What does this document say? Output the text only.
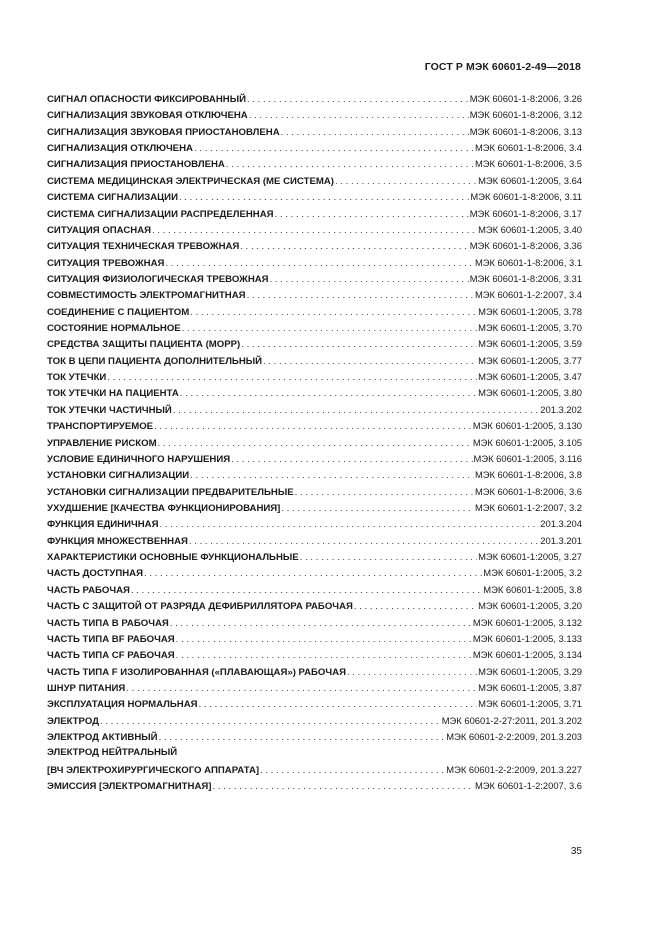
ГОСТ Р МЭК 60601-2-49—2018
СИГНАЛ ОПАСНОСТИ ФИКСИРОВАННЫЙ . . .	МЭК 60601-1-8:2006, 3.26
СИГНАЛИЗАЦИЯ ЗВУКОВАЯ ОТКЛЮЧЕНА . . .	МЭК 60601-1-8:2006, 3.12
СИГНАЛИЗАЦИЯ ЗВУКОВАЯ ПРИОСТАНОВЛЕНА . . .	МЭК 60601-1-8:2006, 3.13
СИГНАЛИЗАЦИЯ ОТКЛЮЧЕНА . . .	МЭК 60601-1-8:2006, 3.4
СИГНАЛИЗАЦИЯ ПРИОСТАНОВЛЕНА . . .	МЭК 60601-1-8:2006, 3.5
СИСТЕМА МЕДИЦИНСКАЯ ЭЛЕКТРИЧЕСКАЯ (МЕ СИСТЕМА) . . .	МЭК 60601-1:2005, 3.64
СИСТЕМА СИГНАЛИЗАЦИИ . . .	МЭК 60601-1-8:2006, 3.11
СИСТЕМА СИГНАЛИЗАЦИИ РАСПРЕДЕЛЕННАЯ . . .	МЭК 60601-1-8:2006, 3.17
СИТУАЦИЯ ОПАСНАЯ . . .	МЭК 60601-1:2005, 3.40
СИТУАЦИЯ ТЕХНИЧЕСКАЯ ТРЕВОЖНАЯ . . .	МЭК 60601-1-8:2006, 3.36
СИТУАЦИЯ ТРЕВОЖНАЯ . . .	МЭК 60601-1-8:2006, 3.1
СИТУАЦИЯ ФИЗИОЛОГИЧЕСКАЯ ТРЕВОЖНАЯ . . .	МЭК 60601-1-8:2006, 3.31
СОВМЕСТИМОСТЬ ЭЛЕКТРОМАГНИТНАЯ . . .	МЭК 60601-1-2:2007, 3.4
СОЕДИНЕНИЕ С ПАЦИЕНТОМ . . .	МЭК 60601-1:2005, 3.78
СОСТОЯНИЕ НОРМАЛЬНОЕ . . .	МЭК 60601-1:2005, 3.70
СРЕДСТВА ЗАЩИТЫ ПАЦИЕНТА (МОРР) . . .	МЭК 60601-1:2005, 3.59
ТОК В ЦЕПИ ПАЦИЕНТА ДОПОЛНИТЕЛЬНЫЙ . . .	МЭК 60601-1:2005, 3.77
ТОК УТЕЧКИ . . .	МЭК 60601-1:2005, 3.47
ТОК УТЕЧКИ НА ПАЦИЕНТА . . .	МЭК 60601-1:2005, 3.80
ТОК УТЕЧКИ ЧАСТИЧНЫЙ . . .	201.3.202
ТРАНСПОРТИРУЕМОЕ . . .	МЭК 60601-1:2005, 3.130
УПРАВЛЕНИЕ РИСКОМ . . .	МЭК 60601-1:2005, 3.105
УСЛОВИЕ ЕДИНИЧНОГО НАРУШЕНИЯ . . .	МЭК 60601-1:2005, 3.116
УСТАНОВКИ СИГНАЛИЗАЦИИ . . .	МЭК 60601-1-8:2006, 3.8
УСТАНОВКИ СИГНАЛИЗАЦИИ ПРЕДВАРИТЕЛЬНЫЕ . . .	МЭК 60601-1-8:2006, 3.6
УХУДШЕНИЕ [КАЧЕСТВА ФУНКЦИОНИРОВАНИЯ] . . .	МЭК 60601-1-2:2007, 3.2
ФУНКЦИЯ ЕДИНИЧНАЯ . . .	201.3.204
ФУНКЦИЯ МНОЖЕСТВЕННАЯ . . .	201.3.201
ХАРАКТЕРИСТИКИ ОСНОВНЫЕ ФУНКЦИОНАЛЬНЫЕ . . .	МЭК 60601-1:2005, 3.27
ЧАСТЬ ДОСТУПНАЯ . . .	МЭК 60601-1:2005, 3.2
ЧАСТЬ РАБОЧАЯ . . .	МЭК 60601-1:2005, 3.8
ЧАСТЬ С ЗАЩИТОЙ ОТ РАЗРЯДА ДЕФИБРИЛЛЯТОРА РАБОЧАЯ . . .	МЭК 60601-1:2005, 3.20
ЧАСТЬ ТИПА В РАБОЧАЯ . . .	МЭК 60601-1:2005, 3.132
ЧАСТЬ ТИПА BF РАБОЧАЯ . . .	МЭК 60601-1:2005, 3.133
ЧАСТЬ ТИПА CF РАБОЧАЯ . . .	МЭК 60601-1:2005, 3.134
ЧАСТЬ ТИПА F ИЗОЛИРОВАННАЯ («ПЛАВАЮЩАЯ») РАБОЧАЯ . . .	МЭК 60601-1:2005, 3.29
ШНУР ПИТАНИЯ . . .	МЭК 60601-1:2005, 3.87
ЭКСПЛУАТАЦИЯ НОРМАЛЬНАЯ . . .	МЭК 60601-1:2005, 3.71
ЭЛЕКТРОД . . .	МЭК 60601-2-27:2011, 201.3.202
ЭЛЕКТРОД АКТИВНЫЙ . . .	МЭК 60601-2-2:2009, 201.3.203
ЭЛЕКТРОД НЕЙТРАЛЬНЫЙ
[ВЧ ЭЛЕКТРОХИРУРГИЧЕСКОГО АППАРАТА] . . .	МЭК 60601-2-2:2009, 201.3.227
ЭМИССИЯ [ЭЛЕКТРОМАГНИТНАЯ] . . .	МЭК 60601-1-2:2007, 3.6
35
